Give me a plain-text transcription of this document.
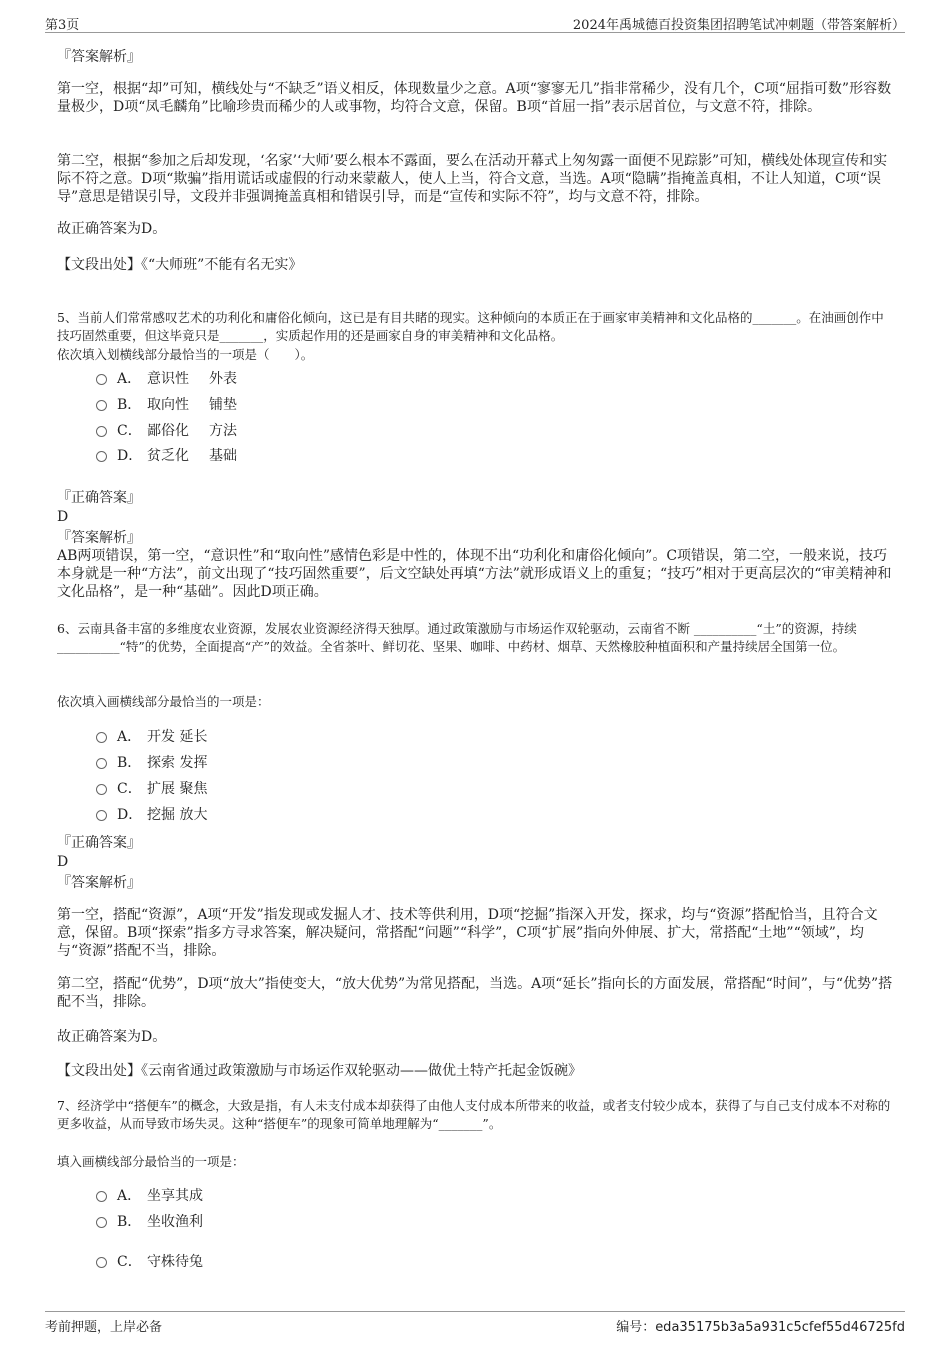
第3页	2024年禹城德百投资集团招聘笔试冲刺题（带答案解析）
『答案解析』
第一空，根据“却”可知，横线处与“不缺乏”语义相反，体现数量少之意。A项“寥寥无几”指非常稀少，没有几个，C项“屈指可数”形容数量极少，D项“凤毛麟角”比喻珍贵而稀少的人或事物，均符合文意，保留。B项“首屈一指”表示居首位，与文意不符，排除。
第二空，根据“参加之后却发现，‘名家’‘大师’要么根本不露面，要么在活动开幕式上匆匆露一面便不见踪影”可知，横线处体现宣传和实际不符之意。D项“欺骗”指用谎话或虚假的行动来蒙蔽人，使人上当，符合文意，当选。A项“隐瞒”指掩盖真相，不让人知道，C项“误导”意思是错误引导，文段并非强调掩盖真相和错误引导，而是“宣传和实际不符”，均与文意不符，排除。
故正确答案为D。
【文段出处】《“大师班”不能有名无实》
5、当前人们常常感叹艺术的功利化和庸俗化倾向，这已是有目共睹的现实。这种倾向的本质正在于画家审美精神和文化品格的_______。在油画创作中技巧固然重要，但这毕竟只是_______，实质起作用的还是画家自身的审美精神和文化品格。
依次填入划横线部分最恰当的一项是（　　）。
A． 意识性	外表
B． 取向性	铺垫
C． 鄙俗化	方法
D． 贫乏化	基础
『正确答案』
D
『答案解析』
AB两项错误，第一空，“意识性”和“取向性”感情色彩是中性的，体现不出“功利化和庸俗化倾向”。C项错误，第二空，一般来说，技巧本身就是一种“方法”，前文出现了“技巧固然重要”，后文空缺处再填“方法”就形成语义上的重复；“技巧”相对于更高层次的“审美精神和文化品格”，是一种“基础”。因此D项正确。
6、云南具备丰富的多维度农业资源，发展农业资源经济得天独厚。通过政策激励与市场运作双轮驱动，云南省不断 __________“土”的资源，持续 __________“特”的优势，全面提高“产”的效益。全省茶叶、鲜切花、坚果、咖啡、中药材、烟草、天然橡胶种植面积和产量持续居全国第一位。
依次填入画横线部分最恰当的一项是：
A． 开发 延长
B． 探索 发挥
C． 扩展 聚焦
D． 挖掘 放大
『正确答案』
D
『答案解析』
第一空，搭配“资源”，A项“开发”指发现或发掘人才、技术等供利用，D项“挖掘”指深入开发，探求，均与“资源”搭配恰当，且符合文意，保留。B项“探索”指多方寻求答案，解决疑问，常搭配“问题”“科学”，C项“扩展”指向外伸展、扩大，常搭配“土地”“领域”，均与“资源”搭配不当，排除。
第二空，搭配“优势”，D项“放大”指使变大，“放大优势”为常见搭配，当选。A项“延长”指向长的方面发展，常搭配“时间”，与“优势”搭配不当，排除。
故正确答案为D。
【文段出处】《云南省通过政策激励与市场运作双轮驱动——做优土特产托起金饭碗》
7、经济学中“搭便车”的概念，大致是指，有人未支付成本却获得了由他人支付成本所带来的收益，或者支付较少成本，获得了与自己支付成本不对称的更多收益，从而导致市场失灵。这种“搭便车”的现象可简单地理解为“_______”。
填入画横线部分最恰当的一项是：
A． 坐享其成
B． 坐收渔利
C． 守株待兔
考前押题，上岸必备	编号：eda35175b3a5a931c5cfef55d46725fd
